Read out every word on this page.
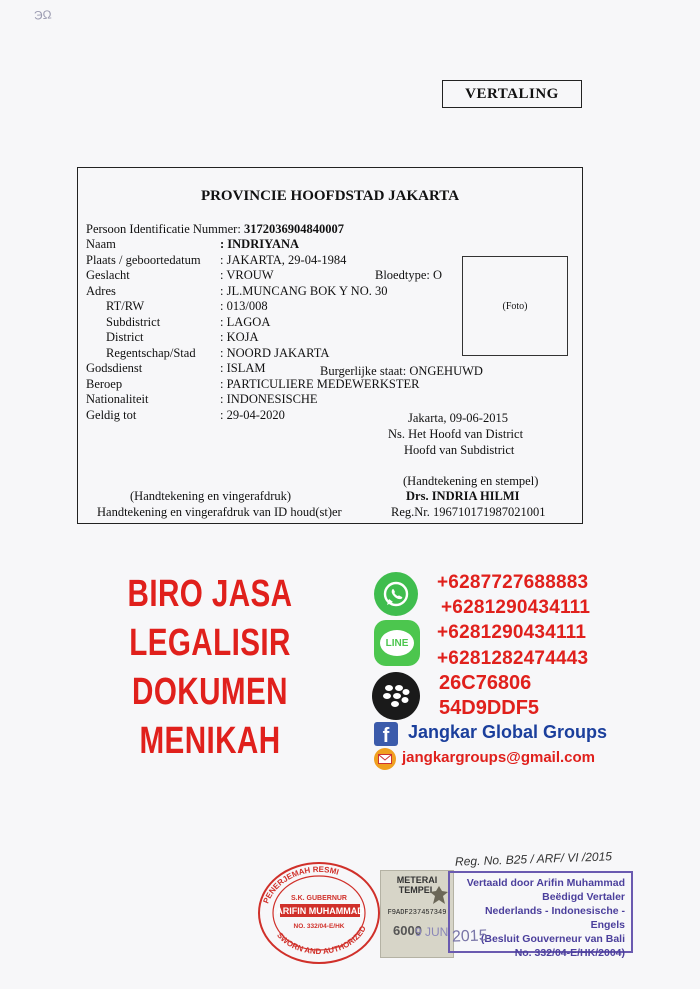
ЭΩ
VERTALING
PROVINCIE HOOFDSTAD JAKARTA
Persoon Identificatie Nummer: 3172036904840007
Naam	: INDRIYANA
Plaats / geboortedatum : JAKARTA, 29-04-1984
Geslacht	: VROUW
Adres	: JL.MUNCANG BOK Y NO. 30
RT/RW	: 013/008
Subdistrict	: LAGOA
District	: KOJA
Regentschap/Stad : NOORD JAKARTA
Godsdienst	: ISLAM
Beroep	: PARTICULIERE MEDEWERKSTER
Nationaliteit	: INDONESISCHE
Geldig tot	: 29-04-2020
Bloedtype: O
Burgerlijke staat: ONGEHUWD
(Foto)
Jakarta, 09-06-2015
Ns. Het Hoofd van District
Hoofd van Subdistrict
(Handtekening en stempel)
(Handtekening en vingerafdruk)	Drs. INDRIA HILMI
Handtekening en vingerafdruk van ID houd(st)er	Reg.Nr. 196710171987021001
BIRO JASA
LEGALISIR
DOKUMEN
MENIKAH
+6287727688883
+6281290434111
LINE +6281290434111
+6281282474443
26C76806
54D9DDF5
f	Jangkar Global Groups
jangkargroups@gmail.com
Reg. No. B25 / ARF/ VI /2015
PENERJEMAH RESMI
SWORN AND AUTHORIZED
S.K. GUBERNUR
ARIFIN MUHAMMAD
NO. 332/04-E/HK
METERAI TEMPEL
F9ADF237457349
6000
9 JUN
Vertaald door Arifin Muhammad
Beëdigd Vertaler
Nederlands - Indonesische - Engels
(Besluit Gouverneur van Bali
No. 332/04-E/HK/2004)
2015
